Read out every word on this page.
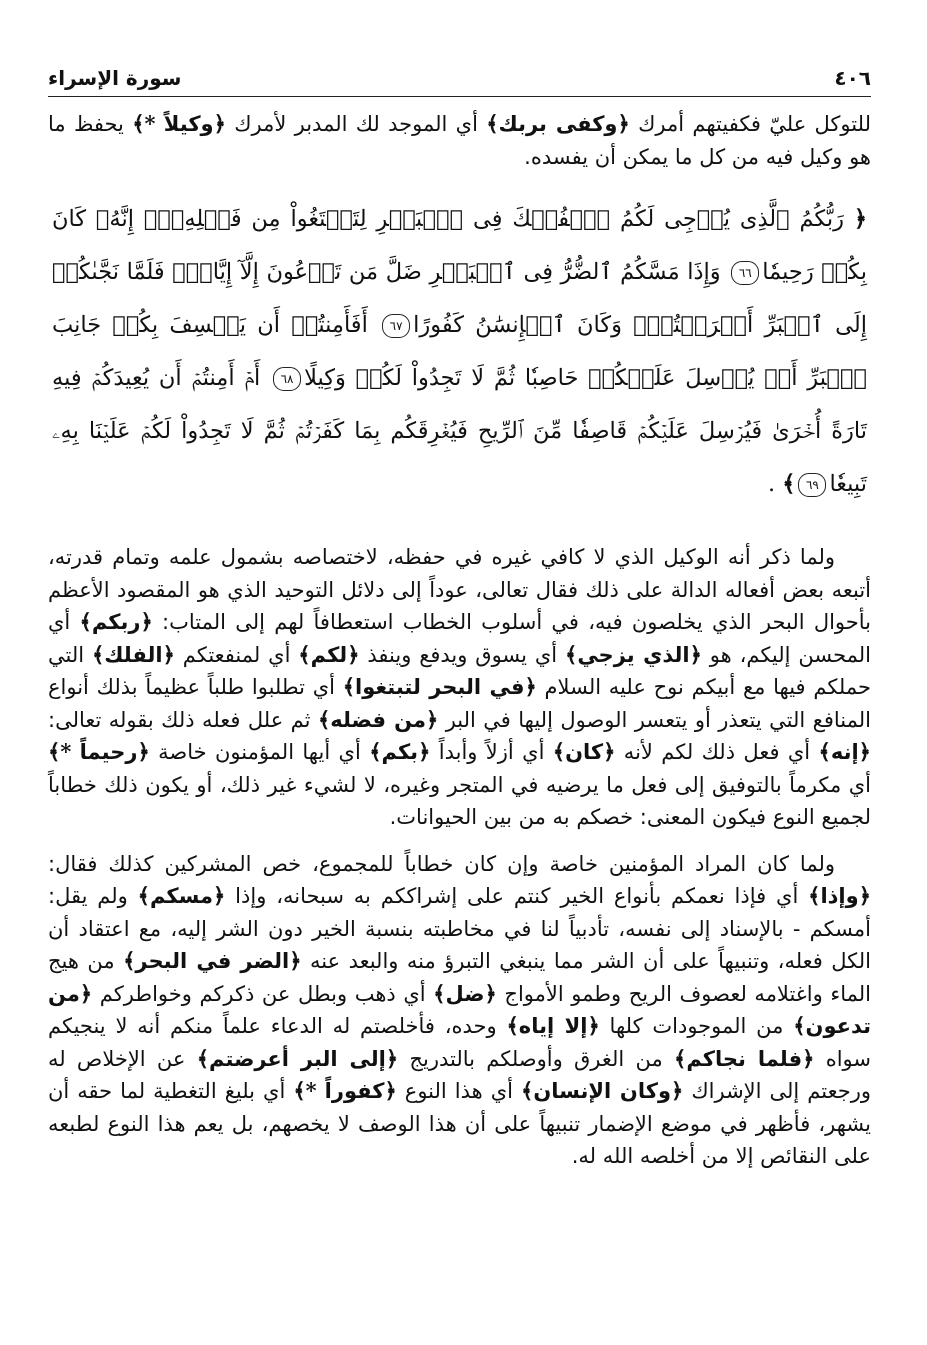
٤٠٦
سورة الإسراء

للتوكل عليّ فكفيتهم أمرك ﴿وكفى بربك﴾ أي الموجد لك المدبر لأمرك ﴿وكيلاً *﴾ يحفظ ما هو وكيل فيه من كل ما يمكن أن يفسده.

﴿ رَبُّكُمُ ٱلَّذِى يُزۡجِى لَكُمُ ٱلۡفُلۡكَ فِى ٱلۡبَحۡرِ لِتَبۡتَغُواْ مِن فَضۡلِهِۦٓۚ إِنَّهُۥ كَانَ بِكُمۡ رَحِيمٗا٦٦ وَإِذَا مَسَّكُمُ ٱلضُّرُّ فِى ٱلۡبَحۡرِ ضَلَّ مَن تَدۡعُونَ إِلَّآ إِيَّاهُۖ فَلَمَّا نَجَّىٰكُمۡ إِلَى ٱلۡبَرِّ أَعۡرَضۡتُمۡۚ وَكَانَ ٱلۡإِنسَٰنُ كَفُورًا٦٧ أَفَأَمِنتُمۡ أَن يَخۡسِفَ بِكُمۡ جَانِبَ ٱلۡبَرِّ أَوۡ يُرۡسِلَ عَلَيۡكُمۡ حَاصِبٗا ثُمَّ لَا تَجِدُواْ لَكُمۡ وَكِيلًا٦٨ أَمۡ أَمِنتُمۡ أَن يُعِيدَكُمۡ فِيهِ تَارَةً أُخۡرَىٰ فَيُرۡسِلَ عَلَيۡكُمۡ قَاصِفٗا مِّنَ ٱلرِّيحِ فَيُغۡرِقَكُم بِمَا كَفَرۡتُمۡ ثُمَّ لَا تَجِدُواْ لَكُمۡ عَلَيۡنَا بِهِۦ تَبِيعٗا٦٩﴾ .

ولما ذكر أنه الوكيل الذي لا كافي غيره في حفظه، لاختصاصه بشمول علمه وتمام قدرته، أتبعه بعض أفعاله الدالة على ذلك فقال تعالى، عوداً إلى دلائل التوحيد الذي هو المقصود الأعظم بأحوال البحر الذي يخلصون فيه، في أسلوب الخطاب استعطافاً لهم إلى المتاب: ﴿ربكم﴾ أي المحسن إليكم، هو ﴿الذي يزجي﴾ أي يسوق ويدفع وينفذ ﴿لكم﴾ أي لمنفعتكم ﴿الفلك﴾ التي حملكم فيها مع أبيكم نوح عليه السلام ﴿في البحر لتبتغوا﴾ أي تطلبوا طلباً عظيماً بذلك أنواع المنافع التي يتعذر أو يتعسر الوصول إليها في البر ﴿من فضله﴾ ثم علل فعله ذلك بقوله تعالى: ﴿إنه﴾ أي فعل ذلك لكم لأنه ﴿كان﴾ أي أزلاً وأبداً ﴿بكم﴾ أي أيها المؤمنون خاصة ﴿رحيماً *﴾ أي مكرماً بالتوفيق إلى فعل ما يرضيه في المتجر وغيره، لا لشيء غير ذلك، أو يكون ذلك خطاباً لجميع النوع فيكون المعنى: خصكم به من بين الحيوانات.

ولما كان المراد المؤمنين خاصة وإن كان خطاباً للمجموع، خص المشركين كذلك فقال: ﴿وإذا﴾ أي فإذا نعمكم بأنواع الخير كنتم على إشراككم به سبحانه، وإذا ﴿مسكم﴾ ولم يقل: أمسكم - بالإسناد إلى نفسه، تأدبياً لنا في مخاطبته بنسبة الخير دون الشر إليه، مع اعتقاد أن الكل فعله، وتنبيهاً على أن الشر مما ينبغي التبرؤ منه والبعد عنه ﴿الضر في البحر﴾ من هيج الماء واغتلامه لعصوف الريح وطمو الأمواج ﴿ضل﴾ أي ذهب وبطل عن ذكركم وخواطركم ﴿من تدعون﴾ من الموجودات كلها ﴿إلا إياه﴾ وحده، فأخلصتم له الدعاء علماً منكم أنه لا ينجيكم سواه ﴿فلما نجاكم﴾ من الغرق وأوصلكم بالتدريج ﴿إلى البر أعرضتم﴾ عن الإخلاص له ورجعتم إلى الإشراك ﴿وكان الإنسان﴾ أي هذا النوع ﴿كفوراً *﴾ أي بليغ التغطية لما حقه أن يشهر، فأظهر في موضع الإضمار تنبيهاً على أن هذا الوصف لا يخصهم، بل يعم هذا النوع لطبعه على النقائص إلا من أخلصه الله له.
